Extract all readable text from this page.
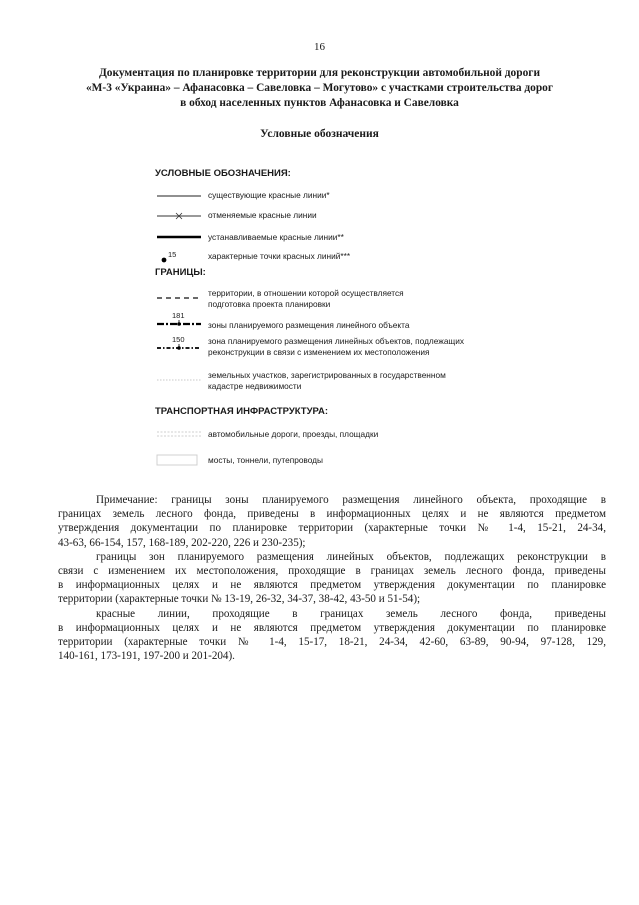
16
Документация по планировке территории для реконструкции автомобильной дороги
«М-3 «Украина» – Афанасовка – Савеловка – Могутово» с участками строительства дорог
в обход населенных пунктов Афанасовка и Савеловка
Условные обозначения
УСЛОВНЫЕ ОБОЗНАЧЕНИЯ:
существующие красные линии*
отменяемые красные линии
устанавливаемые красные линии**
15	характерные точки красных линий***
ГРАНИЦЫ:
территории, в отношении которой осуществляется
подготовка проекта планировки
181
зоны планируемого размещения линейного объекта
150	зона планируемого размещения линейных объектов, подлежащих
реконструкции в связи с изменением их местоположения
земельных участков, зарегистрированных в государственном
кадастре недвижимости
ТРАНСПОРТНАЯ ИНФРАСТРУКТУРА:
автомобильные дороги, проезды, площадки
мосты, тоннели, путепроводы

Примечание: границы зоны планируемого размещения линейного объекта, проходящие в
границах земель лесного фонда, приведены в информационных целях и не являются предметом
утверждения документации по планировке территории (характерные точки № 1-4, 15-21, 24-34,
43-63, 66-154, 157, 168-189, 202-220, 226 и 230-235);

границы зон планируемого размещения линейных объектов, подлежащих реконструкции в
связи с изменением их местоположения, проходящие в границах земель лесного фонда, приведены
в информационных целях и не являются предметом утверждения документации по планировке
территории (характерные точки № 13-19, 26-32, 34-37, 38-42, 43-50 и 51-54);

красные линии, проходящие в границах земель лесного фонда, приведены
в информационных целях и не являются предметом утверждения документации по планировке
территории (характерные точки № 1-4, 15-17, 18-21, 24-34, 42-60, 63-89, 90-94, 97-128, 129,
140-161, 173-191, 197-200 и 201-204).
